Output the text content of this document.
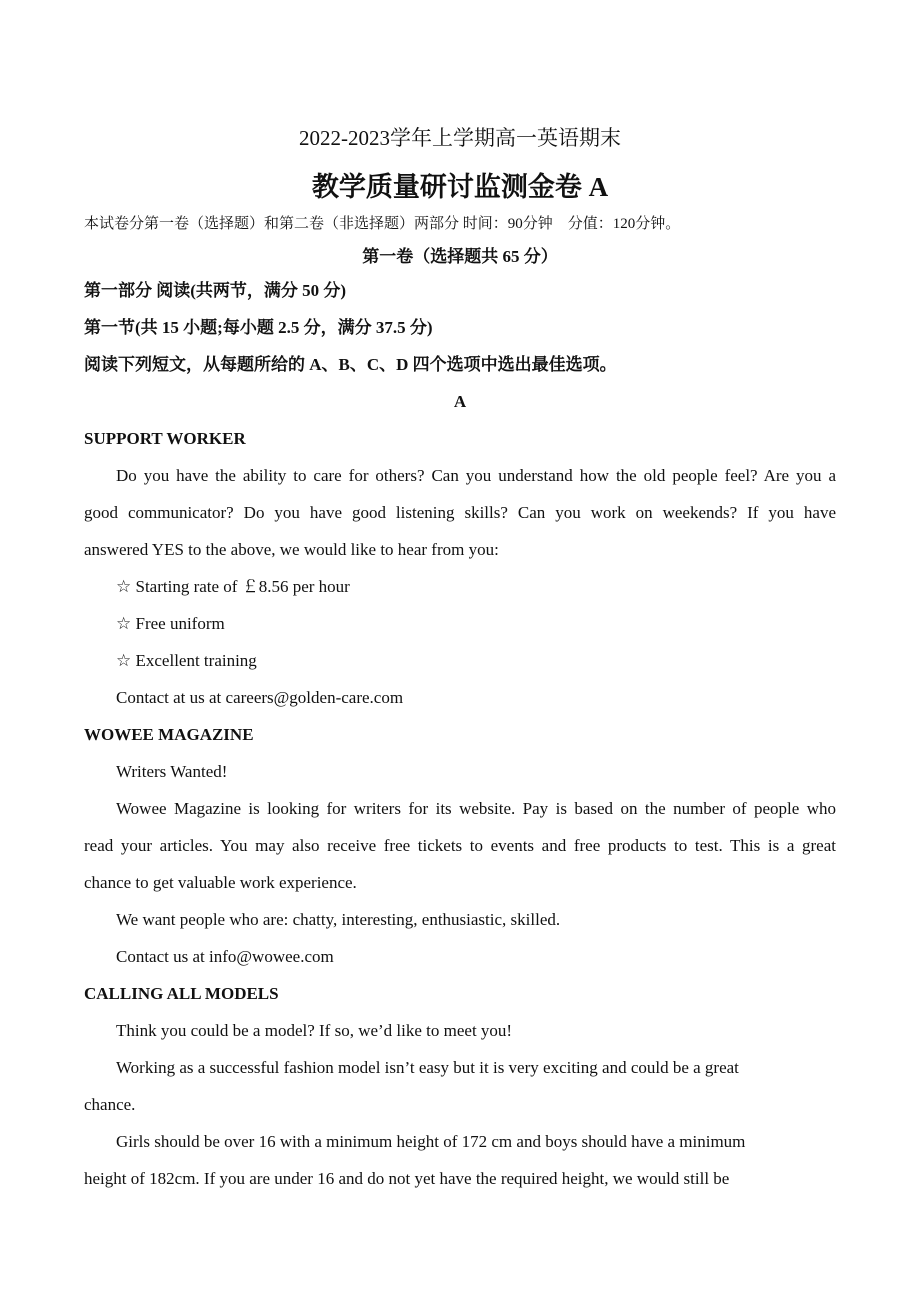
2022-2023学年上学期高一英语期末
教学质量研讨监测金卷 A
本试卷分第一卷（选择题）和第二卷（非选择题）两部分 时间：90分钟　分值：120分钟。
第一卷（选择题共 65 分）
第一部分 阅读(共两节，满分 50 分)
第一节(共 15 小题;每小题 2.5 分，满分 37.5 分)
阅读下列短文，从每题所给的 A、B、C、D 四个选项中选出最佳选项。
A
SUPPORT WORKER
Do you have the ability to care for others? Can you understand how the old people feel? Are you a
good communicator? Do you have good listening skills? Can you work on weekends? If you have
answered YES to the above, we would like to hear from you:
☆ Starting rate of ￡8.56 per hour
☆ Free uniform
☆ Excellent training
Contact at us at careers@golden-care.com
WOWEE MAGAZINE
Writers Wanted!
Wowee Magazine is looking for writers for its website. Pay is based on the number of people who
read your articles. You may also receive free tickets to events and free products to test. This is a great
chance to get valuable work experience.
We want people who are: chatty, interesting, enthusiastic, skilled.
Contact us at info@wowee.com
CALLING ALL MODELS
Think you could be a model? If so, we’d like to meet you!
Working as a successful fashion model isn’t easy but it is very exciting and could be a great
chance.
Girls should be over 16 with a minimum height of 172 cm and boys should have a minimum
height of 182cm. If you are under 16 and do not yet have the required height, we would still be
